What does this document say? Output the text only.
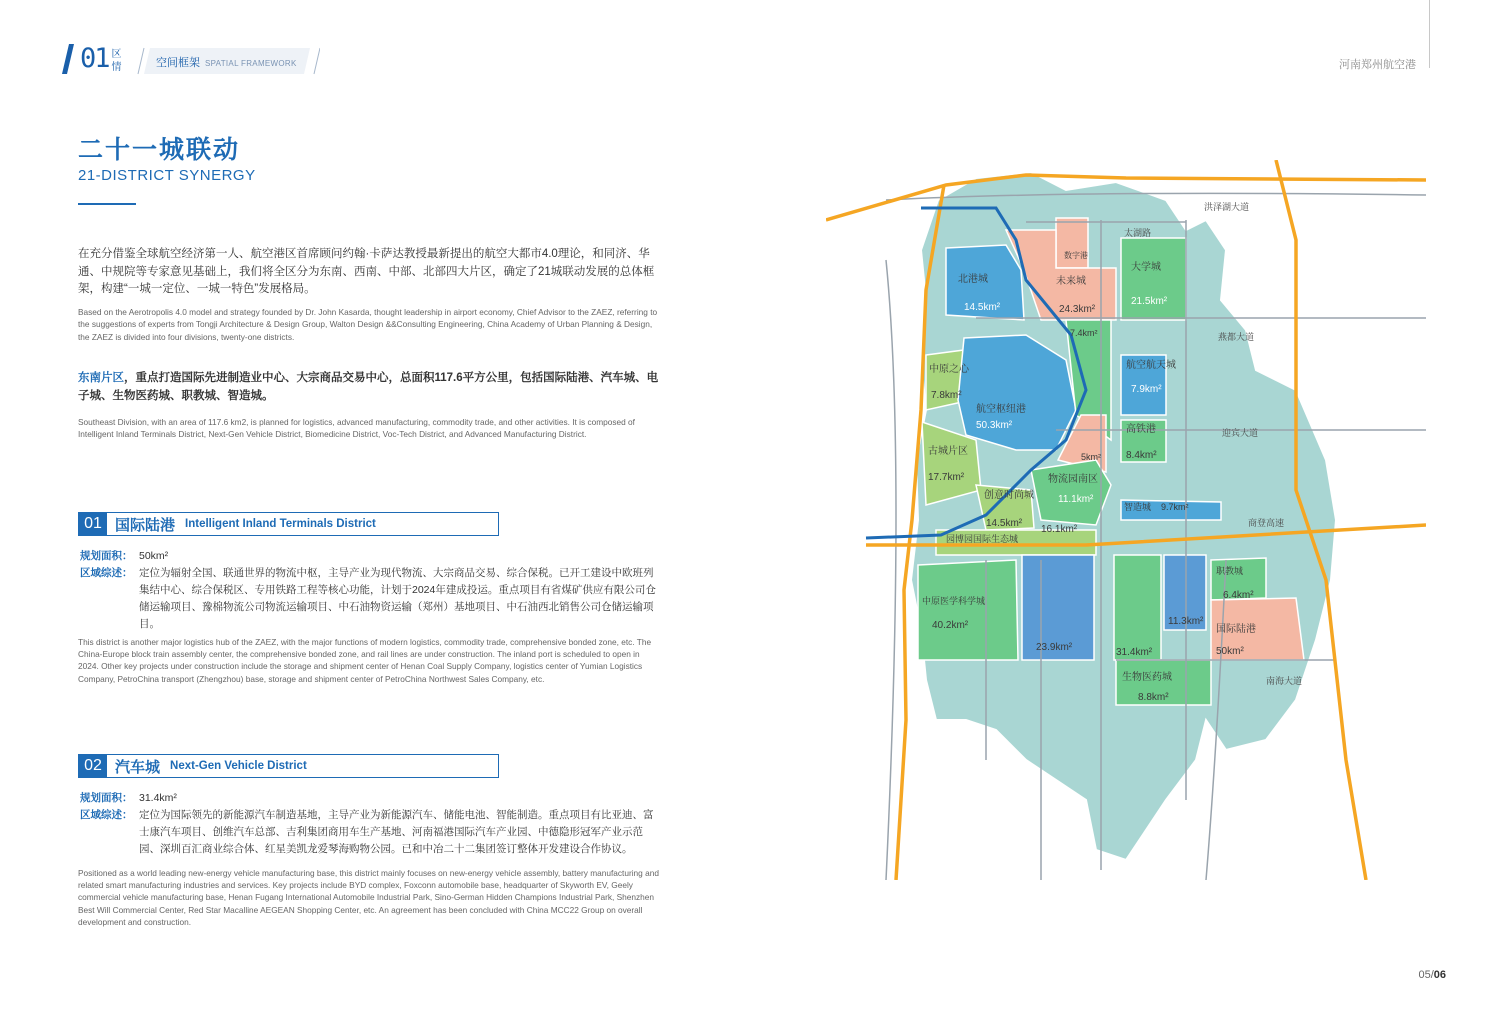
01 区
情	空间框架 SPATIAL FRAMEWORK	河南郑州航空港
二十一城联动
21-DISTRICT SYNERGY
在充分借鉴全球航空经济第一人、航空港区首席顾问约翰·卡萨达教授最新提出的航空大都市4.0理论，和同济、华通、中规院等专家意见基础上，我们将全区分为东南、西南、中部、北部四大片区，确定了21城联动发展的总体框架，构建“一城一定位、一城一特色”发展格局。
Based on the Aerotropolis 4.0 model and strategy founded by Dr. John Kasarda, thought leadership in airport economy, Chief Advisor to the ZAEZ, referring to the suggestions of experts from Tongji Architecture & Design Group, Walton Design &&Consulting Engineering, China Academy of Urban Planning & Design, the ZAEZ is divided into four divisions, twenty-one districts.
东南片区，重点打造国际先进制造业中心、大宗商品交易中心，总面积117.6平方公里，包括国际陆港、汽车城、电子城、生物医药城、职教城、智造城。
Southeast Division, with an area of 117.6 km2, is planned for logistics, advanced manufacturing, commodity trade, and other activities. It is composed of Intelligent Inland Terminals District, Next-Gen Vehicle District, Biomedicine District, Voc-Tech District, and Advanced Manufacturing District.
01 国际陆港 Intelligent Inland Terminals District
规划面积： 50km²
区域综述： 定位为辐射全国、联通世界的物流中枢，主导产业为现代物流、大宗商品交易、综合保税。已开工建设中欧班列集结中心、综合保税区、专用铁路工程等核心功能，计划于2024年建成投运。重点项目有省煤矿供应有限公司仓储运输项目、豫棉物流公司物流运输项目、中石油物资运输（郑州）基地项目、中石油西北销售公司仓储运输项目。
This district is another major logistics hub of the ZAEZ, with the major functions of modern logistics, commodity trade, comprehensive bonded zone, etc. The China-Europe block train assembly center, the comprehensive bonded zone, and rail lines are under construction. The inland port is scheduled to open in 2024. Other key projects under construction include the storage and shipment center of Henan Coal Supply Company, logistics center of Yumian Logistics Company, PetroChina transport (Zhengzhou) base, storage and shipment center of PetroChina Northwest Sales Company, etc.
02 汽车城 Next-Gen Vehicle District
规划面积： 31.4km²
区域综述： 定位为国际领先的新能源汽车制造基地，主导产业为新能源汽车、储能电池、智能制造。重点项目有比亚迪、富士康汽车项目、创维汽车总部、吉利集团商用车生产基地、河南福港国际汽车产业园、中德隐形冠军产业示范园、深圳百汇商业综合体、红星美凯龙爱琴海购物公园。已和中冶二十二集团签订整体开发建设合作协议。
Positioned as a world leading new-energy vehicle manufacturing base, this district mainly focuses on new-energy vehicle assembly, battery manufacturing and related smart manufacturing industries and services. Key projects include BYD complex, Foxconn automobile base, headquarter of Skyworth EV, Geely commercial vehicle manufacturing base, Henan Fugang International Automobile Industrial Park, Sino-German Hidden Champions Industrial Park, Shenzhen Best Will Commercial Center, Red Star Macalline AEGEAN Shopping Center, etc. An agreement has been concluded with China MCC22 Group on overall development and construction.
北港城
14.5km²
数字港
7.4km²
未来城
24.3km²
大学城
21.5km²
中原之心
7.8km²
航空枢纽港
50.3km²
航空航天城
7.9km²
5km²
高铁港
8.4km²
古城片区
17.7km²	物流园南区
11.1km²
创意时尚城
14.5km²
智造城 9.7km²
16.1km²
园博园国际生态城
中原医学科学城
40.2km²
23.9km²	31.4km²
11.3km²
职教城
6.4km²
国际陆港
50km²
生物医药城
8.8km²
洪泽湖大道
太湖路
燕都大道
迎宾大道
商登高速
南海大道
05/06
